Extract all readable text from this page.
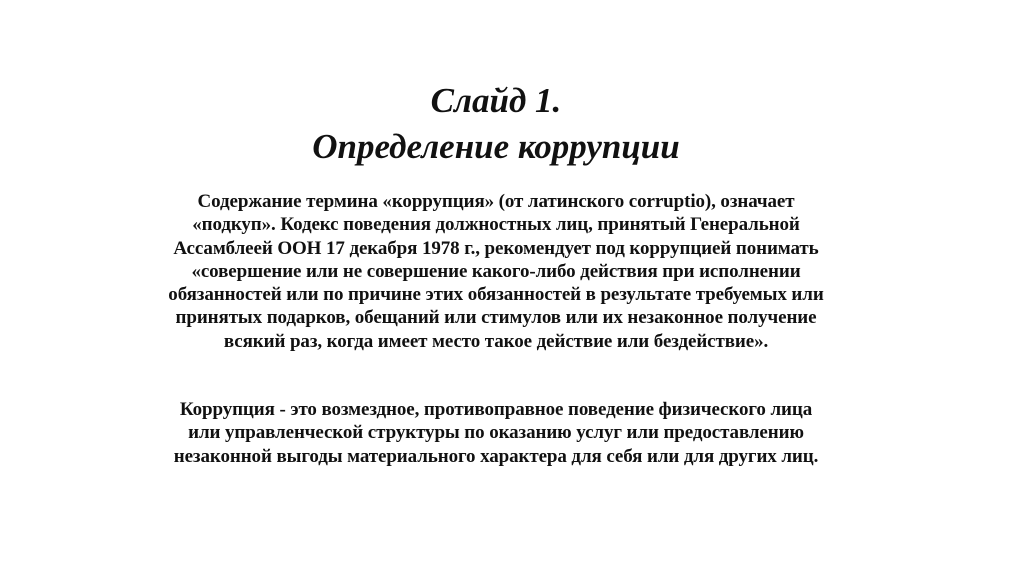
Слайд 1.
Определение коррупции
Содержание термина «коррупция» (от латинского corruptio), означает
«подкуп». Кодекс поведения должностных лиц, принятый Генеральной
Ассамблеей ООН 17 декабря 1978 г., рекомендует под коррупцией понимать
«совершение или не совершение какого-либо действия при исполнении
обязанностей или по причине этих обязанностей в результате требуемых или
принятых подарков, обещаний или стимулов или их незаконное получение
всякий раз, когда имеет место такое действие или бездействие».
Коррупция - это возмездное, противоправное поведение физического лица
или управленческой структуры по оказанию услуг или предоставлению
незаконной выгоды материального характера для себя или для других лиц.
